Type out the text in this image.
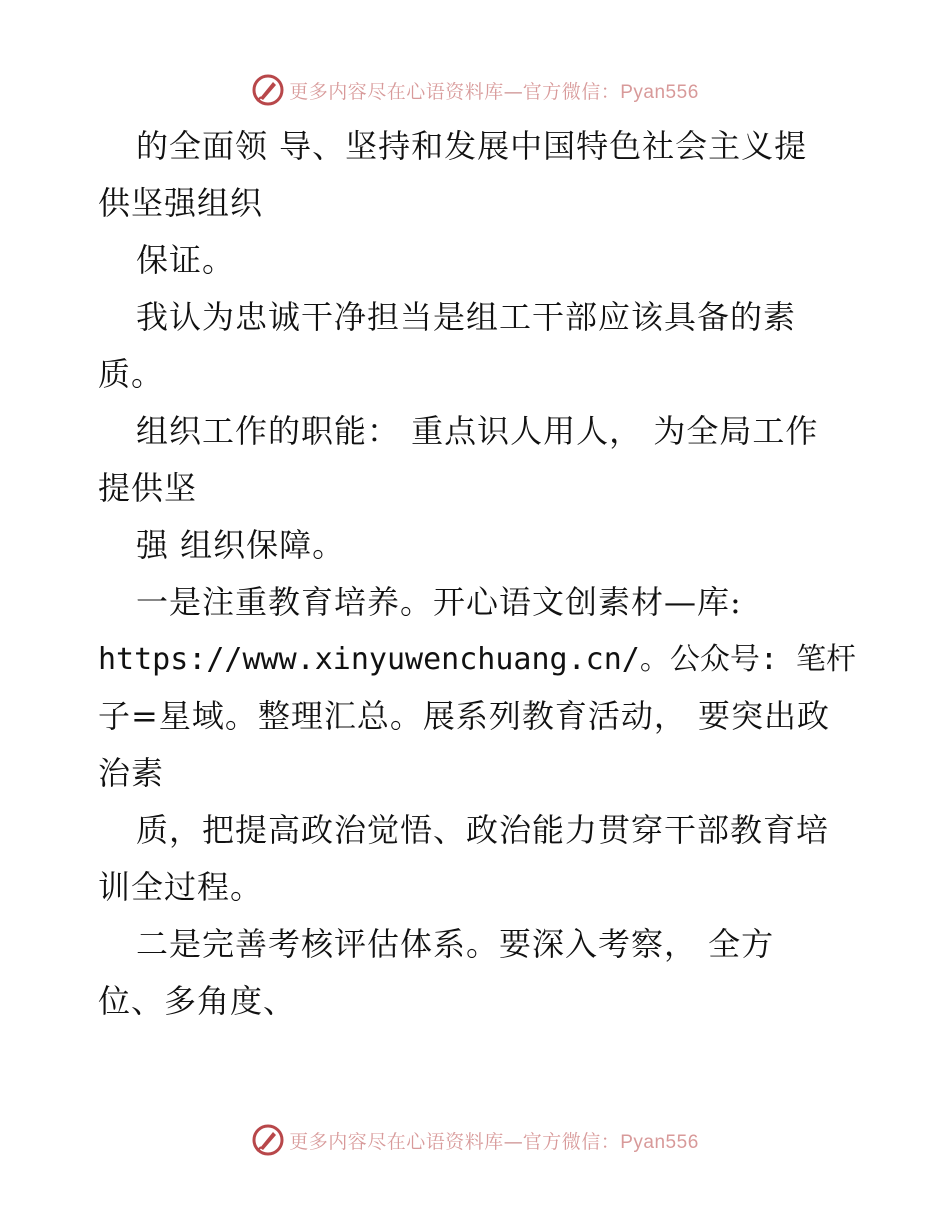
更多内容尽在心语资料库— 官方微信：Pyan556
的全面领 导、坚持和发展中国特色社会主义提
供坚强组织
保证。
我认为忠诚干净担当是组工干部应该具备的素
质。
组织工作的职能： 重点识人用人， 为全局工作
提供坚
强 组织保障。
一是注重教育培养。开心语文创素材—库:
https://www.xinyuwenchuang.cn/。公众号: 笔杆
子=星域。整理汇总。展系列教育活动， 要突出政
治素
质，把提高政治觉悟、政治能力贯穿干部教育培
训全过程。
二是完善考核评估体系。要深入考察， 全方
位、多角度、
更多内容尽在心语资料库— 官方微信：Pyan556
